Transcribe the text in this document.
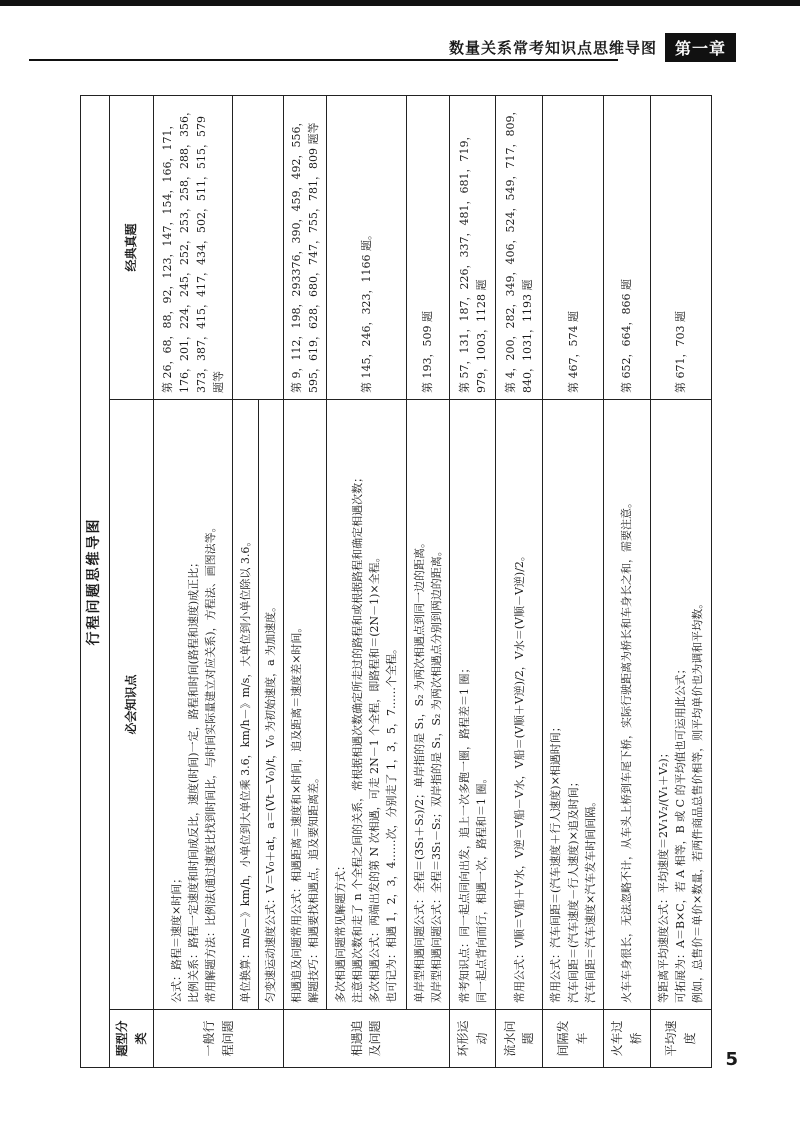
数量关系常考知识点思维导图	第一章
行程问题思维导图		
题型分类	必会知识点	经典真题
一般行程问题	公式：路程＝速度×时间； 比例关系：路程一定速度和时间成反比，速度(时间)一定，路程和时间(路程和速度)成正比； 常用解题方法：比例法(通过速度比找到时间比，与时间实际量建立对应关系)，方程法、画图法等。	第 26，68，88，92，123，147，154，166，171，176，201，224，245，252，253，258，288，356，373，387，415，417，434，502，511，515，579 题等

	单位换算：m/s－》km/h，小单位到大单位乘 3.6，km/h－》m/s，大单位到小单位除以 3.6。	

	匀变速运动速度公式：V＝V₀＋at，a＝(Vt－V₀)/t，V₀ 为初始速度，a 为加速度。	

相遇追及问题	相遇追及问题常用公式：相遇距离＝速度和×时间，追及距离＝速度差×时间。 解题技巧：相遇要找相遇点，追及要知距离差。	第 9，112，198，293376，390，459，492，556，595，619，628，680，747，755，781，809 题等

	多次相遇问题常见解题方式： 注意相遇次数和走了 n 个全程之间的关系，常根据相遇次数确定所走过的路程和或根据路程和确定相遇次数； 多次相遇公式：两端出发的第 N 次相遇，可走 2N－1 个全程，即路程和＝(2N－1)×全程。 也可记为：相遇 1，2，3，4……次，分别走了 1，3，5，7……个全程。	第 145，246，323，1166 题。

	单岸型相遇问题公式：全程＝(3S₁＋S₂)/2；单岸指的是 S₁，S₂ 为两次相遇点到同一边的距离。 双岸型相遇问题公式：全程＝3S₁－S₂；双岸指的是 S₁，S₂ 为两次相遇点分别到两边的距离。	第 193，509 题
环形运动	常考知识点：同一起点同向出发，追上一次多跑一圈，路程差＝1 圈； 同一起点背向而行，相遇一次，路程和＝1 圈。	第 57，131，187，226，337，481，681，719，979，1003，1128 题
流水问题	常用公式：V顺＝V船＋V水，V逆＝V船－V水，V船＝(V顺＋V逆)/2，V水＝(V顺－V逆)/2。	第 4，200，282，349，406，524，549，717，809，840，1031，1193 题
间隔发车	常用公式：汽车间距＝(汽车速度＋行人速度)×相遇时间； 汽车间距＝(汽车速度－行人速度)×追及时间； 汽车间距＝汽车速度×汽车发车时间间隔。	第 467，574 题
火车过桥	火车车身很长，无法忽略不计，从车头上桥到车尾下桥，实际行驶距离为桥长和车身长之和，需要注意。	第 652，664，866 题
平均速度	等距离平均速度公式：平均速度＝2V₁V₂/(V₁＋V₂)； 可拓展为：A＝B×C，若 A 相等，B 或 C 的平均值也可运用此公式； 例如，总售价＝单价×数量，若两件商品总售价相等，则平均单价也为调和平均数。	第 671，703 题
5
